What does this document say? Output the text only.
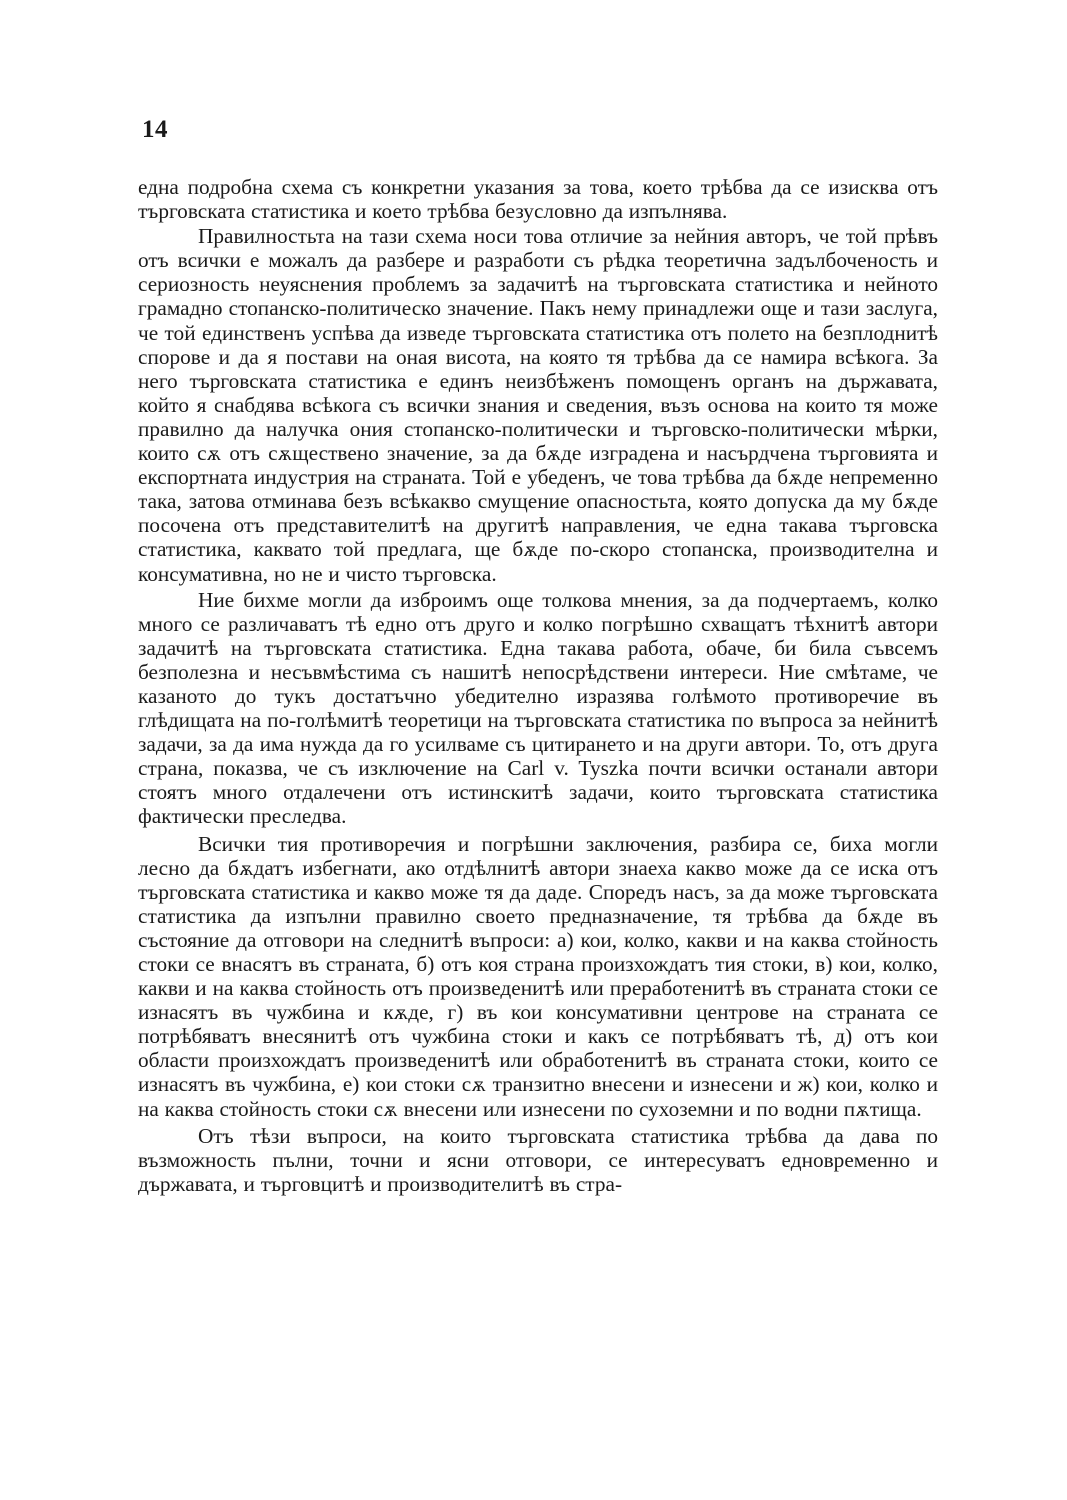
14

една подробна схема съ конкретни указания за това, което трѣбва да се изисква отъ търговската статистика и което трѣбва безусловно да изпълнява.

Правилностьта на тази схема носи това отличие за нейния авторъ, че той прѣвъ отъ всички е можалъ да разбере и разработи съ рѣдка теоретична задълбоченость и сериозность неуяснения проблемъ за задачитѣ на търговската статистика и нейното грамадно стопанско-политическо значение. Пакъ нему принадлежи още и тази заслуга, че той единственъ успѣва да изведе търговската статистика отъ полето на безплоднитѣ спорове и да я постави на оная висота, на която тя трѣбва да се намира всѣкога. За него търговската статистика е единъ неизбѣженъ помощенъ органъ на държавата, който я снабдява всѣкога съ всички знания и сведения, възъ основа на които тя може правилно да налучка ония стопанско-политически и търговско-политически мѣрки, които сѫ отъ сѫществено значение, за да бѫде изградена и насърдчена търговията и експортната индустрия на страната. Той е убеденъ, че това трѣбва да бѫде непременно така, затова отминава безъ всѣкакво смущение опасностьта, която допуска да му бѫде посочена отъ представителитѣ на другитѣ направления, че една такава търговска статистика, каквато той предлага, ще бѫде по-скоро стопанска, производителна и консумативна, но не и чисто търговска.

Ние бихме могли да изброимъ още толкова мнения, за да подчертаемъ, колко много се различаватъ тѣ едно отъ друго и колко погрѣшно схващатъ тѣхнитѣ автори задачитѣ на търговската статистика. Една такава работа, обаче, би била съвсемъ безполезна и несъвмѣстима съ нашитѣ непосрѣдствени интереси. Ние смѣтаме, че казаното до тукъ достатъчно убедително изразява голѣмото противоречие въ глѣдищата на по-голѣмитѣ теоретици на търговската статистика по въпроса за нейнитѣ задачи, за да има нужда да го усилваме съ цитирането и на други автори. То, отъ друга страна, показва, че съ изключение на Carl v. Tyszka почти всички останали автори стоятъ много отдалечени отъ истинскитѣ задачи, които търговската статистика фактически преследва.

Всички тия противоречия и погрѣшни заключения, разбира се, биха могли лесно да бѫдатъ избегнати, ако отдѣлнитѣ автори знаеха какво може да се иска отъ търговската статистика и какво може тя да даде. Споредъ насъ, за да може търговската статистика да изпълни правилно своето предназначение, тя трѣбва да бѫде въ състояние да отговори на следнитѣ въпроси: а) кои, колко, какви и на каква стойность стоки се внасятъ въ страната, б) отъ коя страна произхождатъ тия стоки, в) кои, колко, какви и на каква стойность отъ произведенитѣ или преработенитѣ въ страната стоки се изнасятъ въ чужбина и кѫде, г) въ кои консумативни центрове на страната се потрѣбяватъ внесянитѣ отъ чужбина стоки и какъ се потрѣбяватъ тѣ, д) отъ кои области произхождатъ произведенитѣ или обработенитѣ въ страната стоки, които се изнасятъ въ чужбина, е) кои стоки сѫ транзитно внесени и изнесени и ж) кои, колко и на каква стойность стоки сѫ внесени или изнесени по сухоземни и по водни пѫтища.

Отъ тѣзи въпроси, на които търговската статистика трѣбва да дава по възможность пълни, точни и ясни отговори, се интересуватъ едновременно и държавата, и търговцитѣ и производителитѣ въ стра-
